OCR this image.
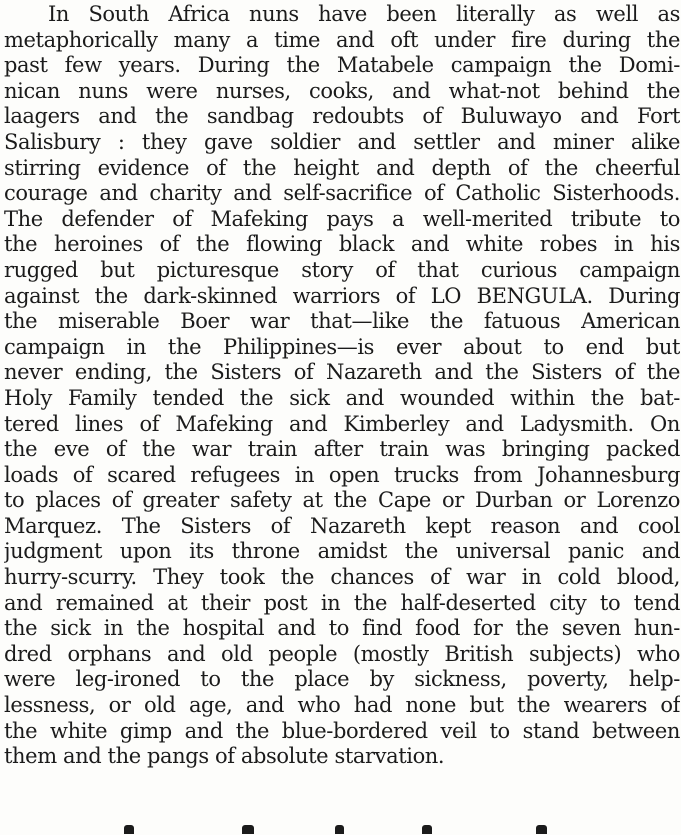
In South Africa nuns have been literally as well as
metaphorically many a time and oft under fire during the
past few years. During the Matabele campaign the Domi-
nican nuns were nurses, cooks, and what-not behind the
laagers and the sandbag redoubts of Buluwayo and Fort
Salisbury : they gave soldier and settler and miner alike
stirring evidence of the height and depth of the cheerful
courage and charity and self-sacrifice of Catholic Sisterhoods.
The defender of Mafeking pays a well-merited tribute to
the heroines of the flowing black and white robes in his
rugged but picturesque story of that curious campaign
against the dark-skinned warriors of LO BENGULA. During
the miserable Boer war that—like the fatuous American
campaign in the Philippines—is ever about to end but
never ending, the Sisters of Nazareth and the Sisters of the
Holy Family tended the sick and wounded within the bat-
tered lines of Mafeking and Kimberley and Ladysmith. On
the eve of the war train after train was bringing packed
loads of scared refugees in open trucks from Johannesburg
to places of greater safety at the Cape or Durban or Lorenzo
Marquez. The Sisters of Nazareth kept reason and cool
judgment upon its throne amidst the universal panic and
hurry-scurry. They took the chances of war in cold blood,
and remained at their post in the half-deserted city to tend
the sick in the hospital and to find food for the seven hun-
dred orphans and old people (mostly British subjects) who
were leg-ironed to the place by sickness, poverty, help-
lessness, or old age, and who had none but the wearers of
the white gimp and the blue-bordered veil to stand between
them and the pangs of absolute starvation.
